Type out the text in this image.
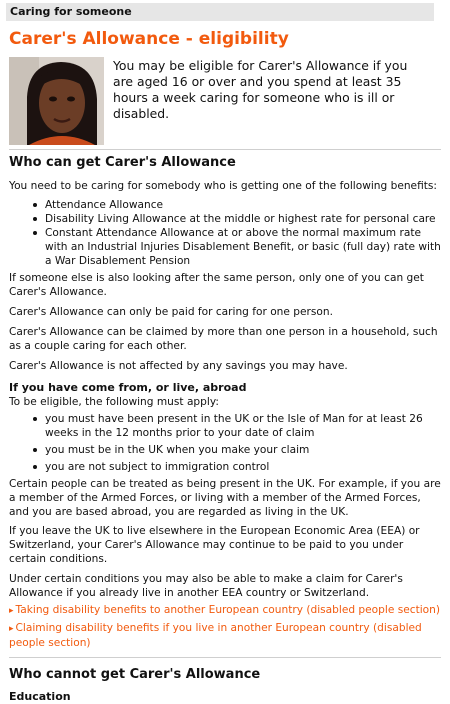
Caring for someone
Carer's Allowance - eligibility

You may be eligible for Carer's Allowance if you are aged 16 or over and you spend at least 35 hours a week caring for someone who is ill or disabled.

Who can get Carer's Allowance

You need to be caring for somebody who is getting one of the following benefits:

Attendance Allowance
Disability Living Allowance at the middle or highest rate for personal care
Constant Attendance Allowance at or above the normal maximum rate with an Industrial Injuries Disablement Benefit, or basic (full day) rate with a War Disablement Pension

If someone else is also looking after the same person, only one of you can get Carer's Allowance.

Carer's Allowance can only be paid for caring for one person.

Carer's Allowance can be claimed by more than one person in a household, such as a couple caring for each other.

Carer's Allowance is not affected by any savings you may have.

If you have come from, or live, abroad

To be eligible, the following must apply:

you must have been present in the UK or the Isle of Man for at least 26 weeks in the 12 months prior to your date of claim
you must be in the UK when you make your claim
you are not subject to immigration control

Certain people can be treated as being present in the UK. For example, if you are a member of the Armed Forces, or living with a member of the Armed Forces, and you are based abroad, you are regarded as living in the UK.

If you leave the UK to live elsewhere in the European Economic Area (EEA) or Switzerland, your Carer's Allowance may continue to be paid to you under certain conditions.

Under certain conditions you may also be able to make a claim for Carer's Allowance if you already live in another EEA country or Switzerland.

▸ Taking disability benefits to another European country (disabled people section)
▸ Claiming disability benefits if you live in another European country (disabled people section)
Who cannot get Carer's Allowance
Education
